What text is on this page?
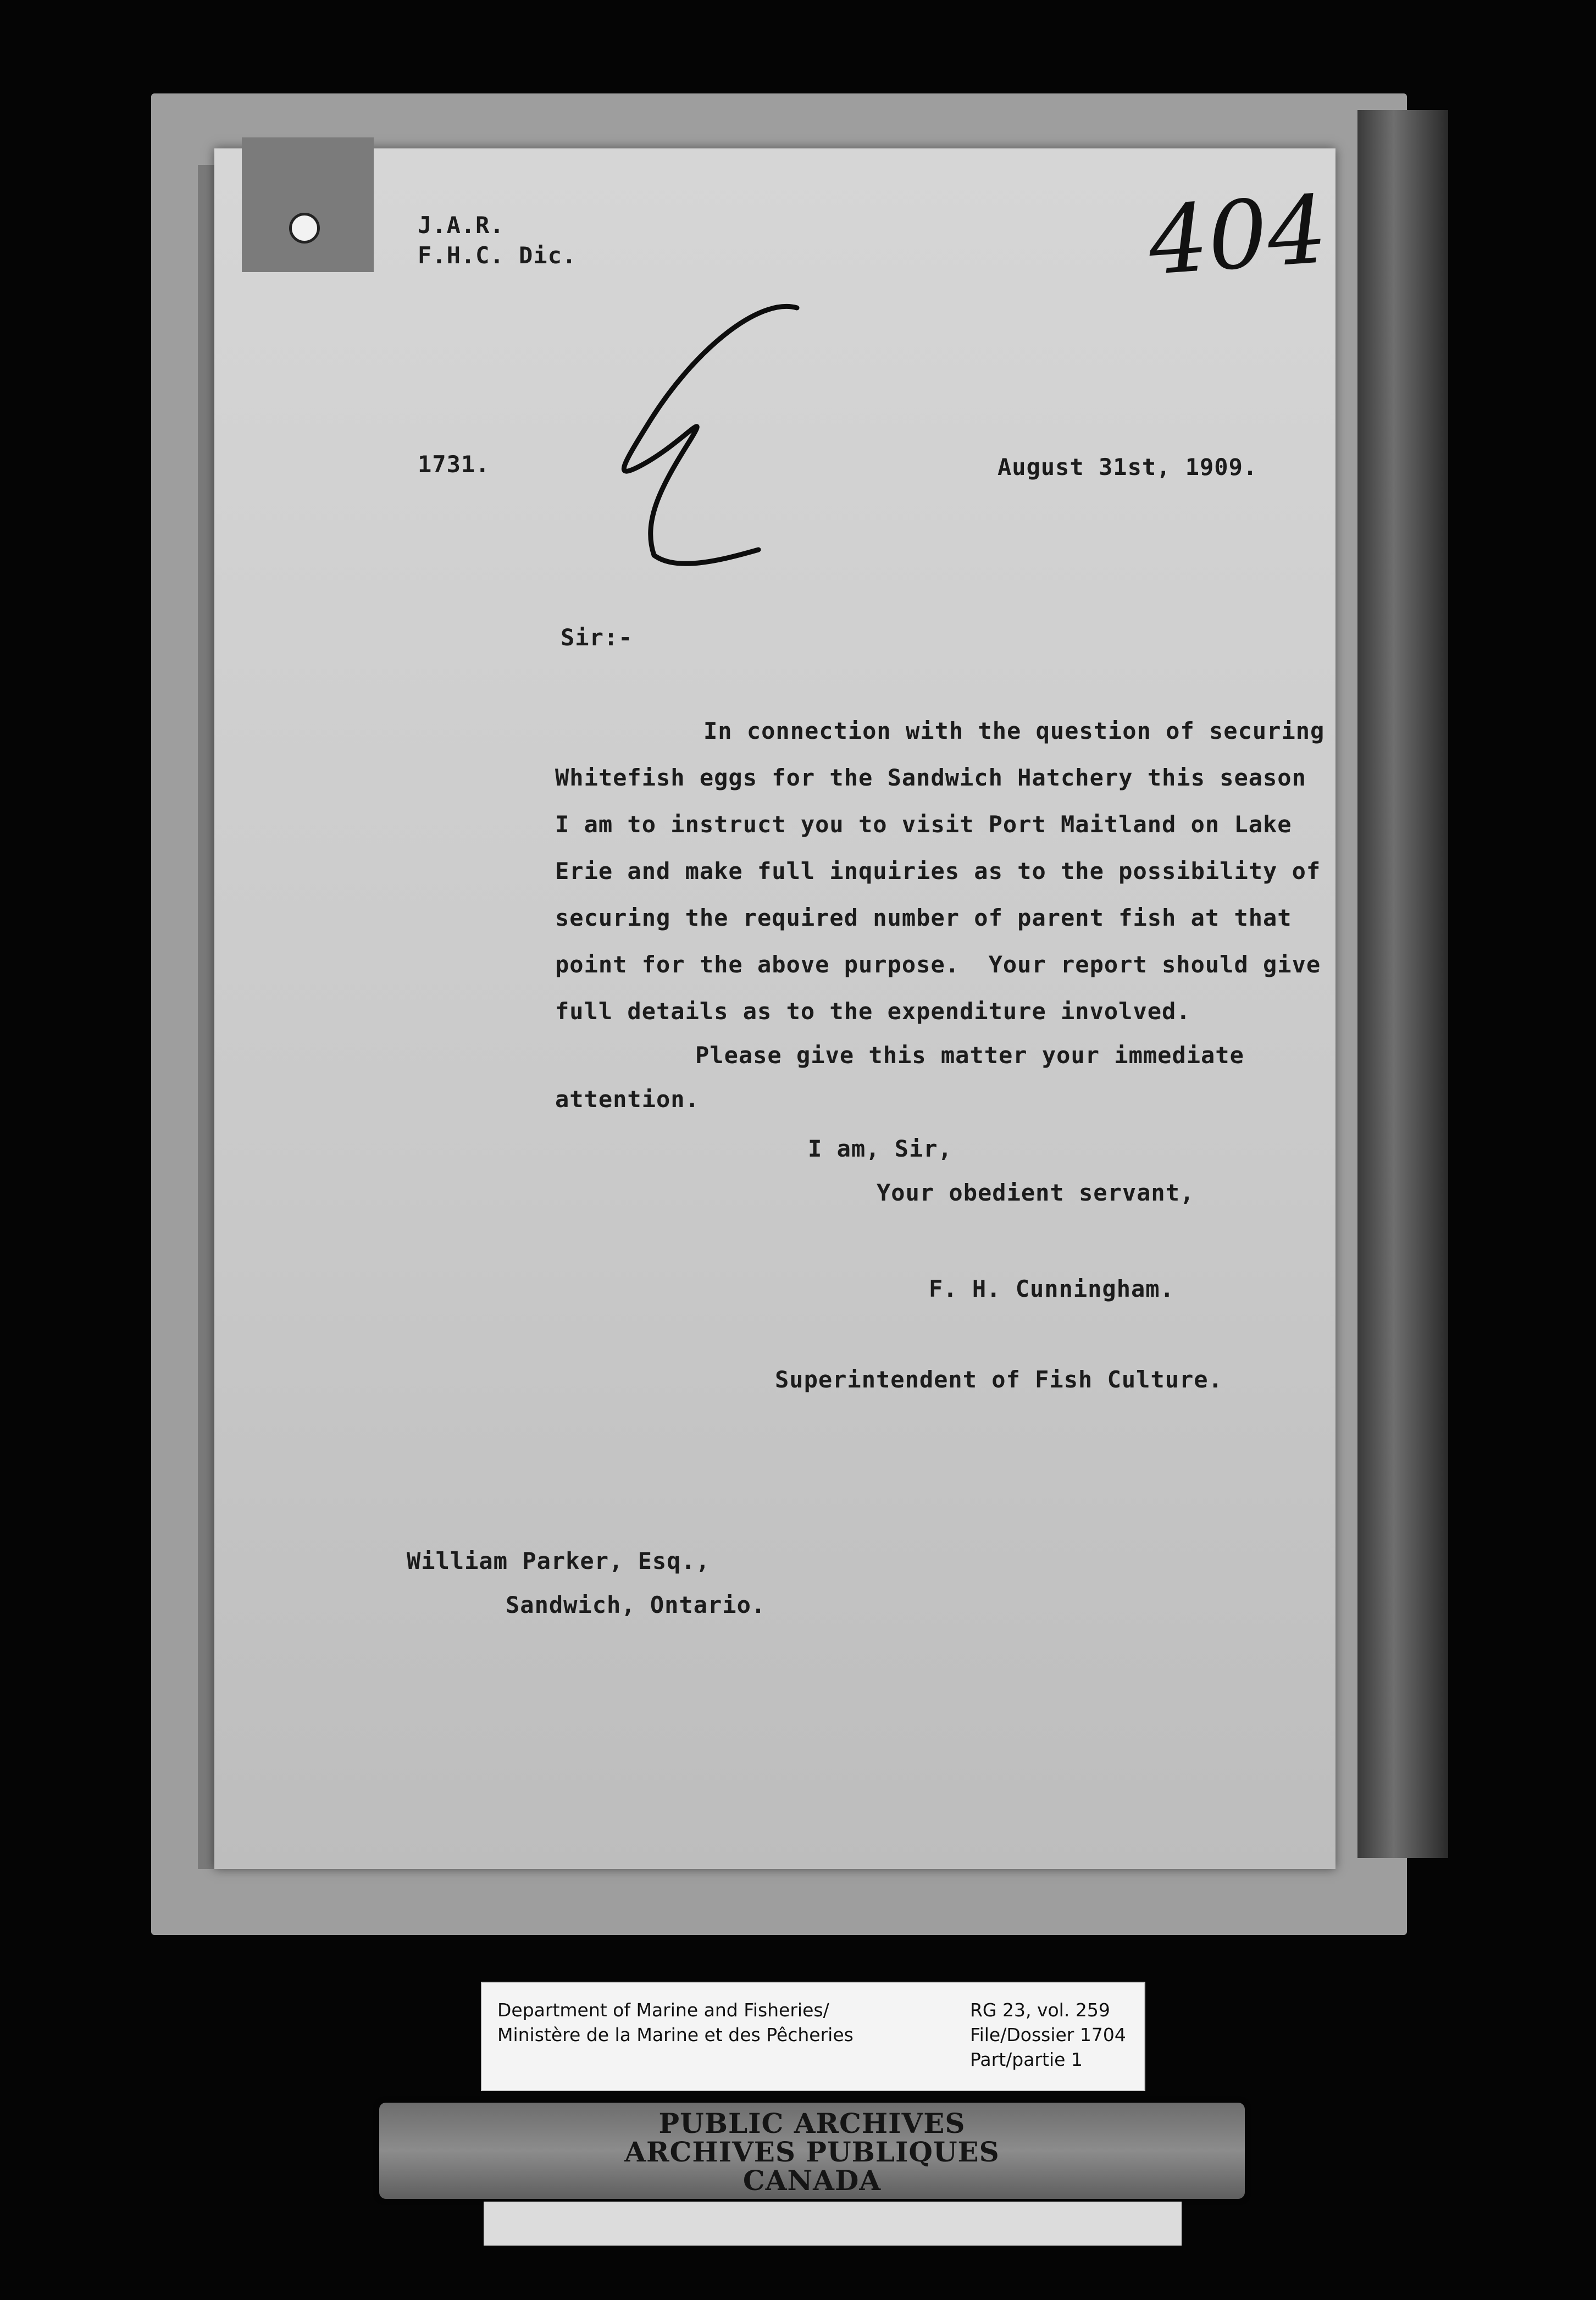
J.A.R.
F.H.C. Dic.	404
1731.	August 31st, 1909.
Sir:-
In connection with the question of securing
Whitefish eggs for the Sandwich Hatchery this season
I am to instruct you to visit Port Maitland on Lake
Erie and make full inquiries as to the possibility of
securing the required number of parent fish at that
point for the above purpose.  Your report should give
full details as to the expenditure involved.
Please give this matter your immediate
attention.
I am, Sir,
Your obedient servant,
F. H. Cunningham.
Superintendent of Fish Culture.
William Parker, Esq.,
Sandwich, Ontario.
Department of Marine and Fisheries/
Ministère de la Marine et des Pêcheries
RG 23, vol. 259
File/Dossier 1704
Part/partie 1
PUBLIC ARCHIVES
ARCHIVES PUBLIQUES
CANADA
